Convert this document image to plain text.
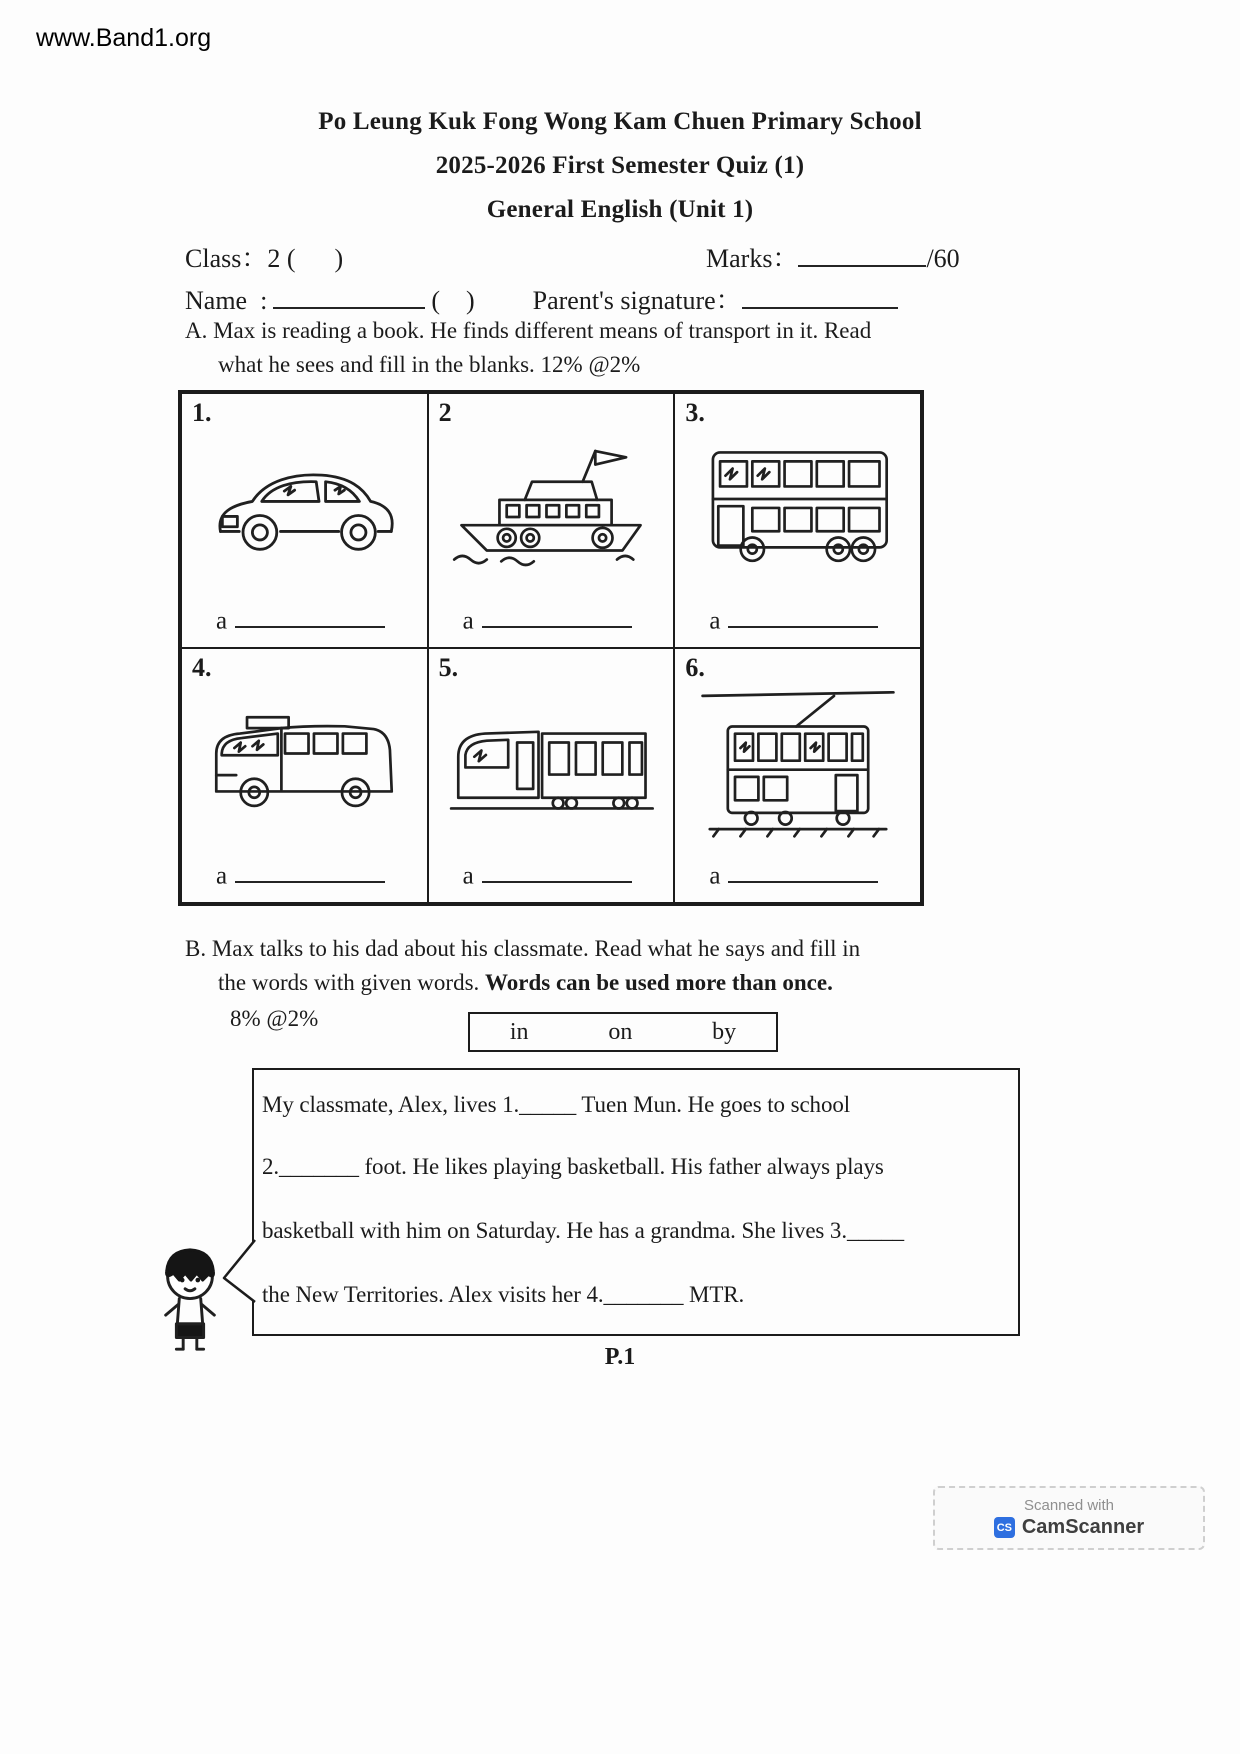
www.Band1.org
Po Leung Kuk Fong Wong Kam Chuen Primary School
2025-2026 First Semester Quiz (1)
General English (Unit 1)
Class：2 (      )	Marks：	/60
Name  :	(    ) Parent's signature：
A. Max is reading a book. He finds different means of transport in it. Read
what he sees and fill in the blanks. 12% @2%
1.
a
2
a
3.
a
4.
a
5.
a
6.
a
B. Max talks to his dad about his classmate. Read what he says and fill in
the words with given words. Words can be used more than once.
8% @2%	in	on	by
My classmate, Alex, lives 1._____ Tuen Mun. He goes to school
2._______ foot. He likes playing basketball. His father always plays
basketball with him on Saturday. He has a grandma. She lives 3._____
the New Territories. Alex visits her 4._______ MTR.
P.1
Scanned with
CS CamScanner
